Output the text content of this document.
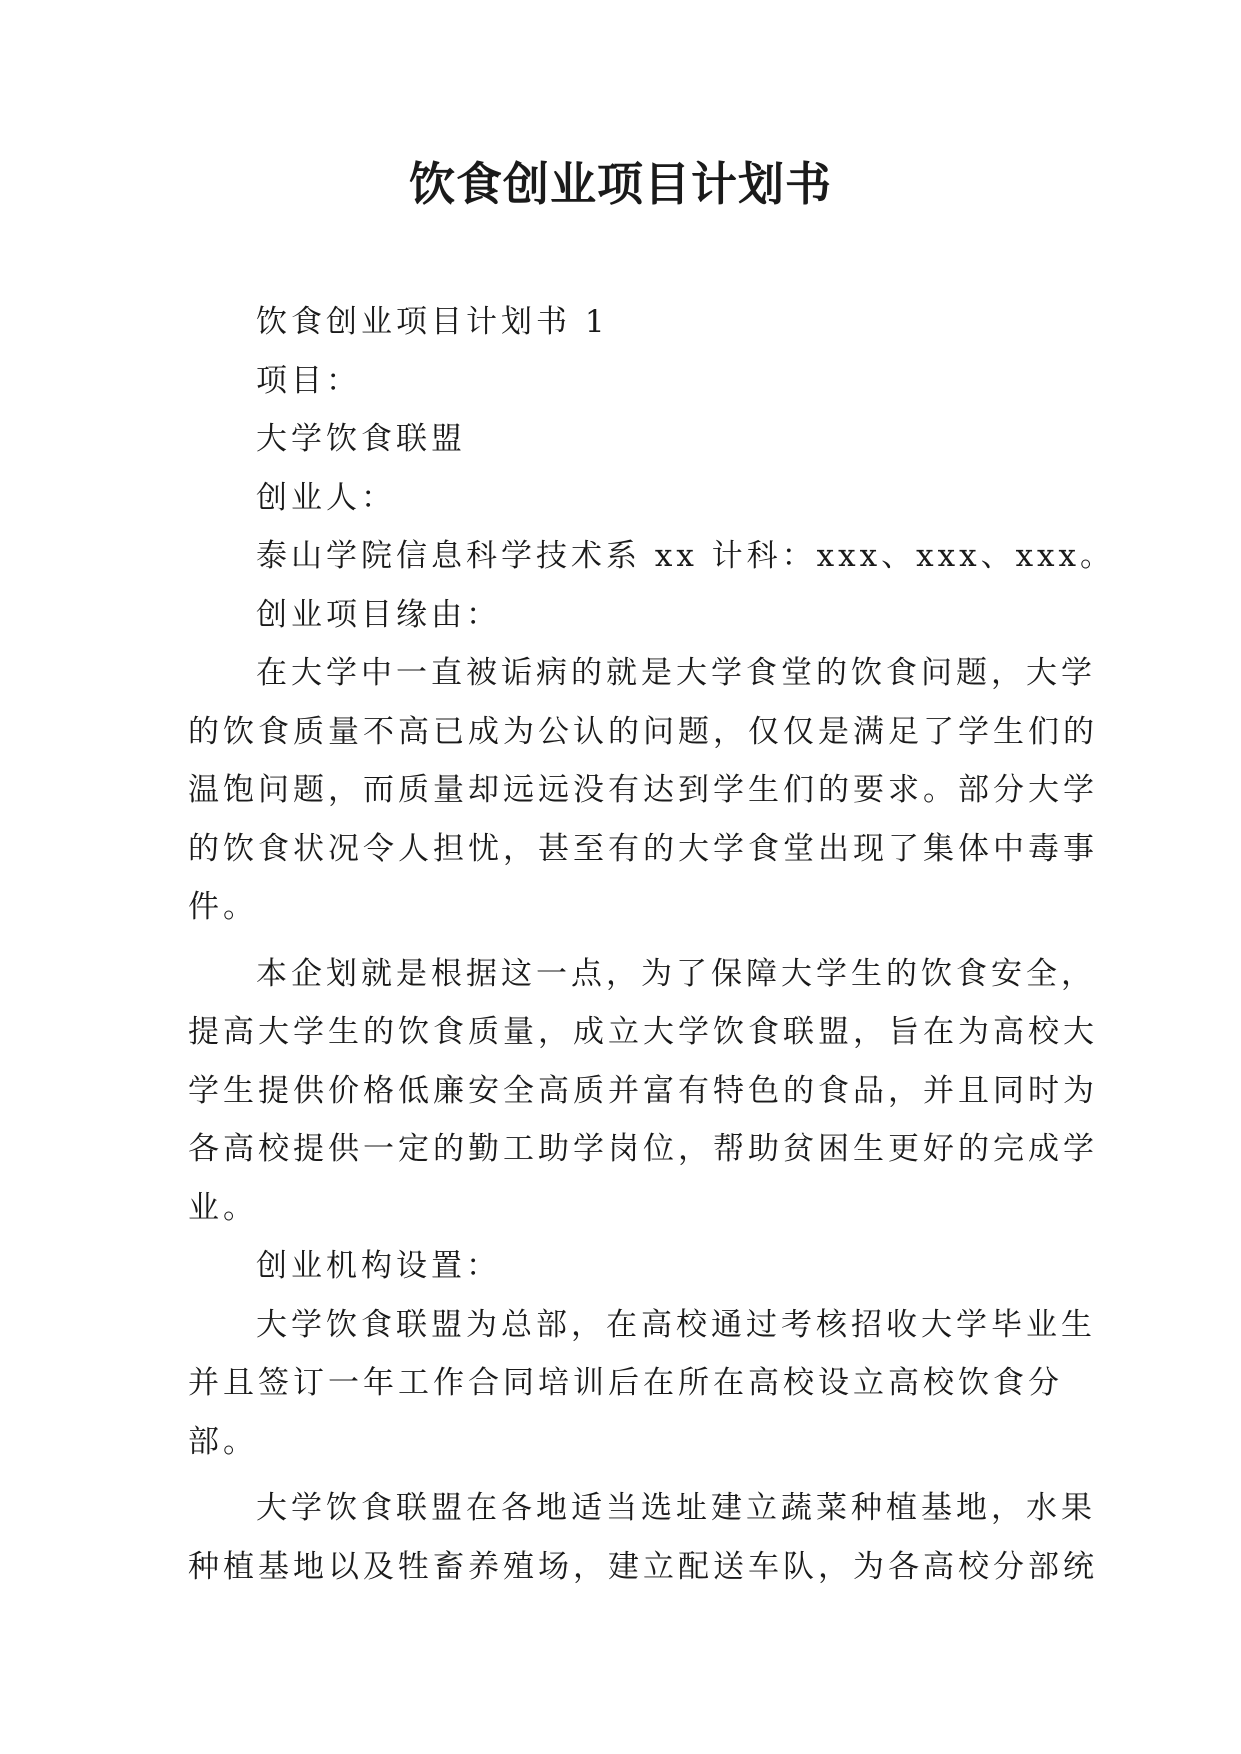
饮食创业项目计划书
饮食创业项目计划书 1
项目：
大学饮食联盟
创业人：
泰山学院信息科学技术系 xx 计科：xxx、xxx、xxx。
创业项目缘由：
在大学中一直被诟病的就是大学食堂的饮食问题，大学
的饮食质量不高已成为公认的问题，仅仅是满足了学生们的
温饱问题，而质量却远远没有达到学生们的要求。部分大学
的饮食状况令人担忧，甚至有的大学食堂出现了集体中毒事
件。
本企划就是根据这一点，为了保障大学生的饮食安全，
提高大学生的饮食质量，成立大学饮食联盟，旨在为高校大
学生提供价格低廉安全高质并富有特色的食品，并且同时为
各高校提供一定的勤工助学岗位，帮助贫困生更好的完成学
业。
创业机构设置：
大学饮食联盟为总部，在高校通过考核招收大学毕业生
并且签订一年工作合同培训后在所在高校设立高校饮食分
部。
大学饮食联盟在各地适当选址建立蔬菜种植基地，水果
种植基地以及牲畜养殖场，建立配送车队，为各高校分部统
